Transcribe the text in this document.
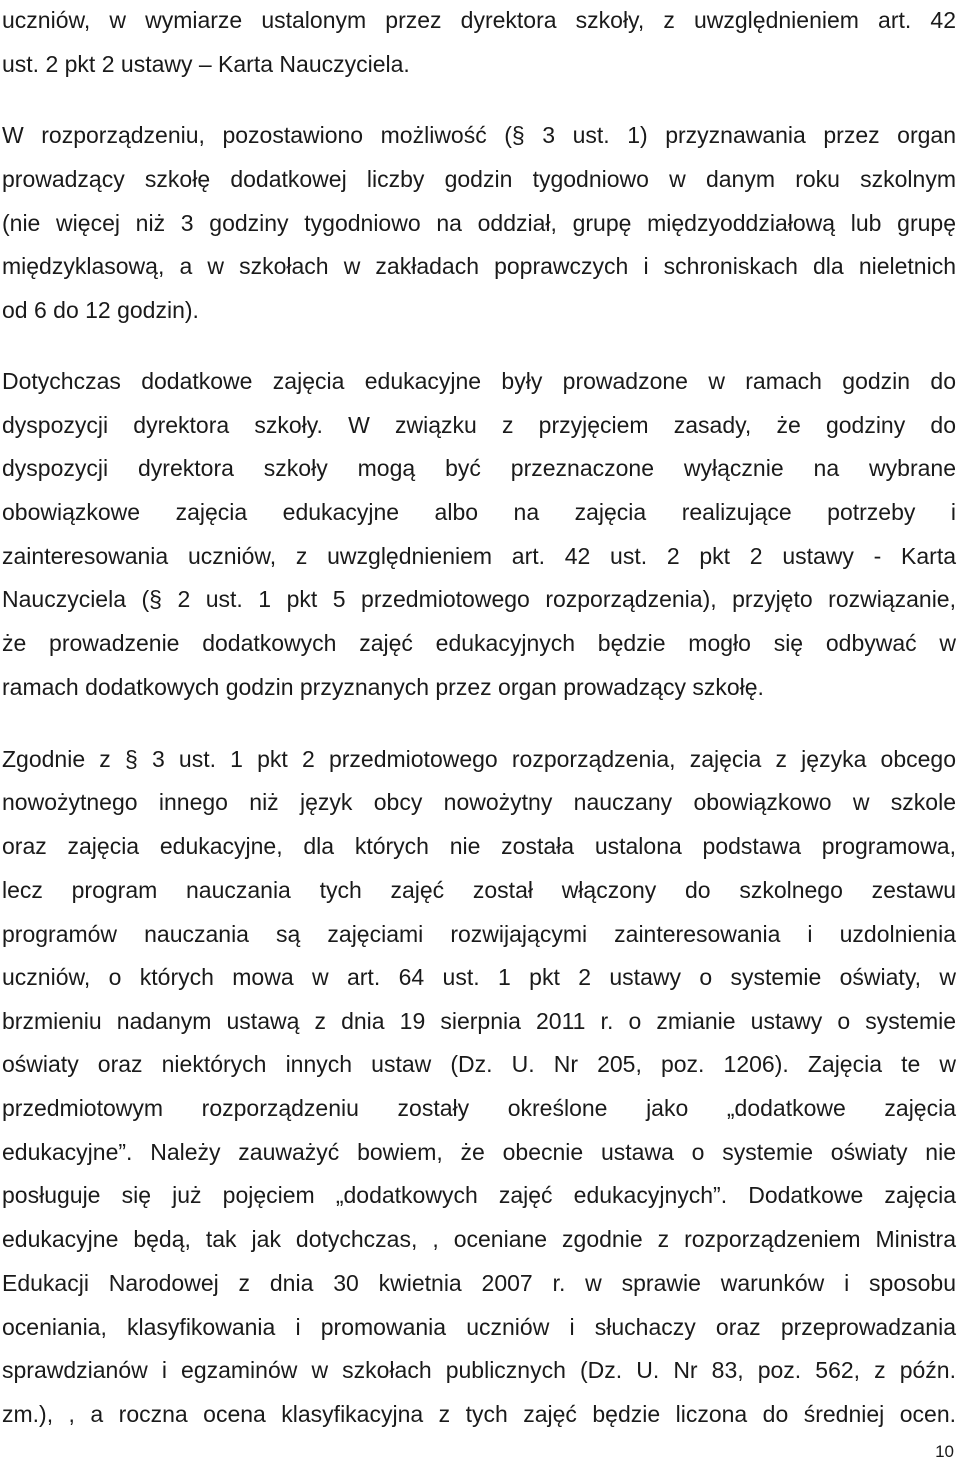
uczniów, w wymiarze ustalonym przez dyrektora szkoły, z uwzględnieniem art. 42
ust. 2 pkt 2 ustawy – Karta Nauczyciela.
W rozporządzeniu, pozostawiono możliwość (§ 3 ust. 1) przyznawania przez organ
prowadzący szkołę dodatkowej liczby godzin tygodniowo w danym roku szkolnym
(nie więcej niż 3 godziny tygodniowo na oddział, grupę międzyoddziałową lub grupę
międzyklasową, a w szkołach w zakładach poprawczych i schroniskach dla nieletnich
od 6 do 12 godzin).
Dotychczas dodatkowe zajęcia edukacyjne były prowadzone w ramach godzin do
dyspozycji dyrektora szkoły. W związku z przyjęciem zasady, że godziny do
dyspozycji dyrektora szkoły mogą być przeznaczone wyłącznie na wybrane
obowiązkowe zajęcia edukacyjne albo na zajęcia realizujące potrzeby i
zainteresowania uczniów, z uwzględnieniem art. 42 ust. 2 pkt 2 ustawy - Karta
Nauczyciela (§ 2 ust. 1 pkt 5 przedmiotowego rozporządzenia), przyjęto rozwiązanie,
że prowadzenie dodatkowych zajęć edukacyjnych będzie mogło się odbywać w
ramach dodatkowych godzin przyznanych przez organ prowadzący szkołę.
Zgodnie z § 3 ust. 1 pkt 2 przedmiotowego rozporządzenia, zajęcia z języka obcego
nowożytnego innego niż język obcy nowożytny nauczany obowiązkowo w szkole
oraz zajęcia edukacyjne, dla których nie została ustalona podstawa programowa,
lecz program nauczania tych zajęć został włączony do szkolnego zestawu
programów nauczania są zajęciami rozwijającymi zainteresowania i uzdolnienia
uczniów, o których mowa w art. 64 ust. 1 pkt 2 ustawy o systemie oświaty, w
brzmieniu nadanym ustawą z dnia 19 sierpnia 2011 r. o zmianie ustawy o systemie
oświaty oraz niektórych innych ustaw (Dz. U. Nr 205, poz. 1206). Zajęcia te w
przedmiotowym rozporządzeniu zostały określone jako „dodatkowe zajęcia
edukacyjne”. Należy zauważyć bowiem, że obecnie ustawa o systemie oświaty nie
posługuje się już pojęciem „dodatkowych zajęć edukacyjnych”. Dodatkowe zajęcia
edukacyjne będą, tak jak dotychczas, , oceniane zgodnie z rozporządzeniem Ministra
Edukacji Narodowej z dnia 30 kwietnia 2007 r. w sprawie warunków i sposobu
oceniania, klasyfikowania i promowania uczniów i słuchaczy oraz przeprowadzania
sprawdzianów i egzaminów w szkołach publicznych (Dz. U. Nr 83, poz. 562, z późn.
zm.), , a roczna ocena klasyfikacyjna z tych zajęć będzie liczona do średniej ocen.
10
